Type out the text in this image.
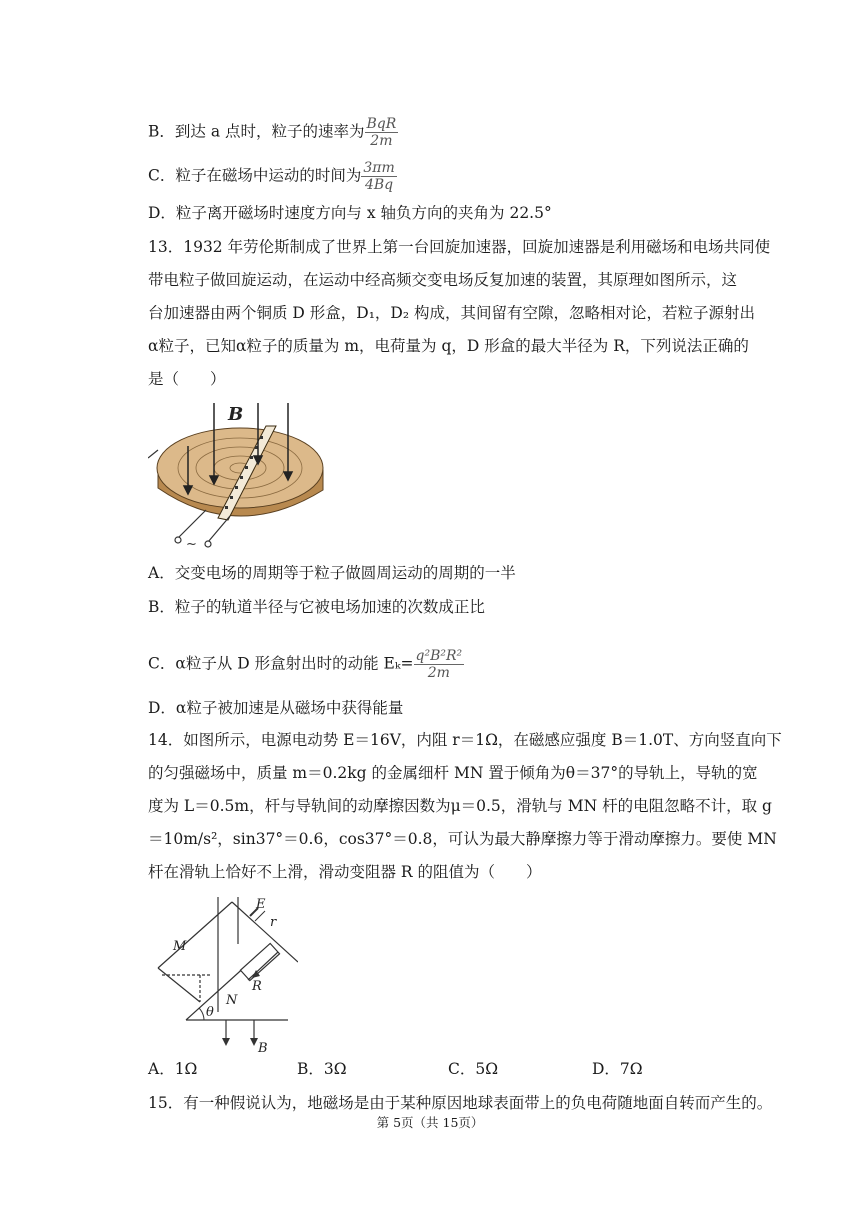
B．到达 a 点时，粒子的速率为 $\frac{\text{BqR}}{2m}$
C．粒子在磁场中运动的时间为 $\frac{3\pi m}{4Bq}$
D．粒子离开磁场时速度方向与 x 轴负方向的夹角为 22.5°
13．1932 年劳伦斯制成了世界上第一台回旋加速器，回旋加速器是利用磁场和电场共同使
带电粒子做回旋运动，在运动中经高频交变电场反复加速的装置，其原理如图所示，这
台加速器由两个铜质 D 形盒，D₁，D₂ 构成，其间留有空隙，忽略相对论，若粒子源射出
α粒子，已知α粒子的质量为 m，电荷量为 q，D 形盒的最大半径为 R，下列说法正确的
是（　　）
B
~
A．交变电场的周期等于粒子做圆周运动的周期的一半
B．粒子的轨道半径与它被电场加速的次数成正比
C．α粒子从 D 形盒射出时的动能 $E_k= \frac{\text{q²B²R²}}{2m}$
D．α粒子被加速是从磁场中获得能量
14．如图所示，电源电动势 E＝16V，内阻 r＝1Ω，在磁感应强度 B＝1.0T、方向竖直向下
的匀强磁场中，质量 m＝0.2kg 的金属细杆 MN 置于倾角为θ＝37°的导轨上，导轨的宽
度为 L＝0.5m，杆与导轨间的动摩擦因数为μ＝0.5，滑轨与 MN 杆的电阻忽略不计，取 g
＝10m/s²，sin37°＝0.6，cos37°＝0.8，可认为最大静摩擦力等于滑动摩擦力。要使 MN
杆在滑轨上恰好不上滑，滑动变阻器 R 的阻值为（　　）
M
N
E
r
R
θ
B
A．1Ω	B．3Ω	C．5Ω	D．7Ω
15．有一种假说认为，地磁场是由于某种原因地球表面带上的负电荷随地面自转而产生的。
第 5页（共 15页）
